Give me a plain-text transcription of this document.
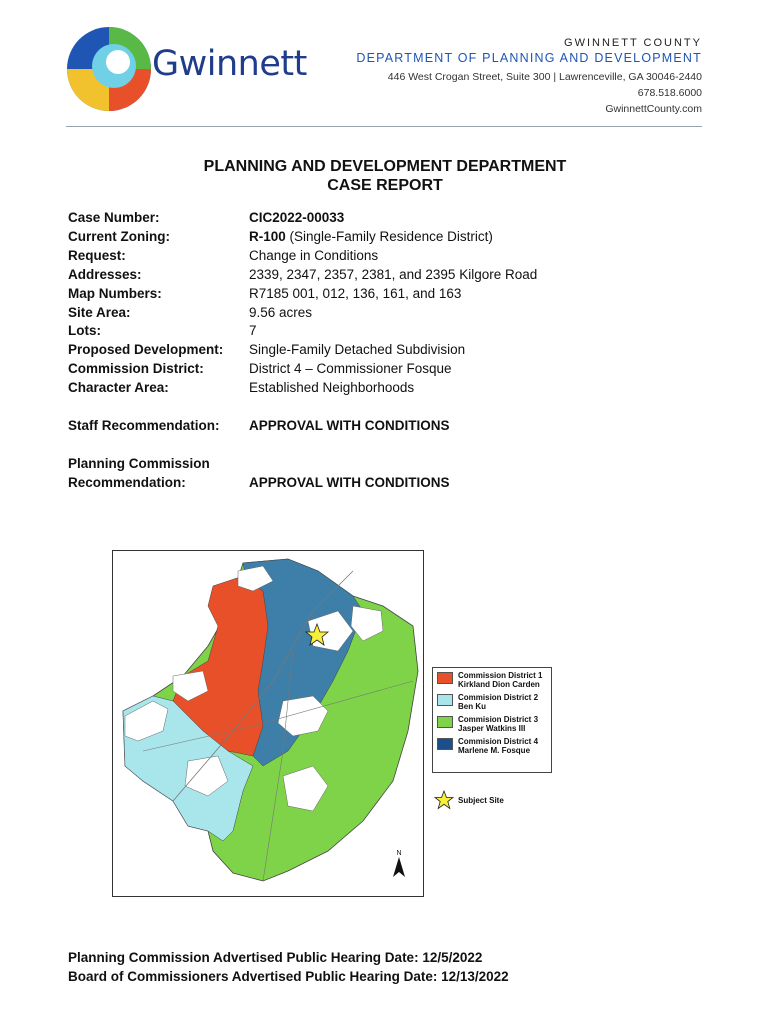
Gwinnett
GWINNETT COUNTY
DEPARTMENT OF PLANNING AND DEVELOPMENT
446 West Crogan Street, Suite 300 | Lawrenceville, GA 30046-2440
678.518.6000
GwinnettCounty.com
PLANNING AND DEVELOPMENT DEPARTMENT
CASE REPORT
Case Number:	CIC2022-00033
Current Zoning:	R-100 (Single-Family Residence District)
Request:	Change in Conditions
Addresses:	2339, 2347, 2357, 2381, and 2395 Kilgore Road
Map Numbers:	R7185 001, 012, 136, 161, and 163
Site Area:	9.56 acres
Lots:	7
Proposed Development:	Single-Family Detached Subdivision
Commission District:	District 4 – Commissioner Fosque
Character Area:	Established Neighborhoods
Staff Recommendation: APPROVAL WITH CONDITIONS
Planning Commission
Recommendation:	APPROVAL WITH CONDITIONS
Commission District 1
Kirkland Dion Carden
Commision District 2
Ben Ku
Commision District 3
Jasper Watkins III
Commision District 4
Marlene M. Fosque
Subject Site
N
Planning Commission Advertised Public Hearing Date: 12/5/2022
Board of Commissioners Advertised Public Hearing Date: 12/13/2022
